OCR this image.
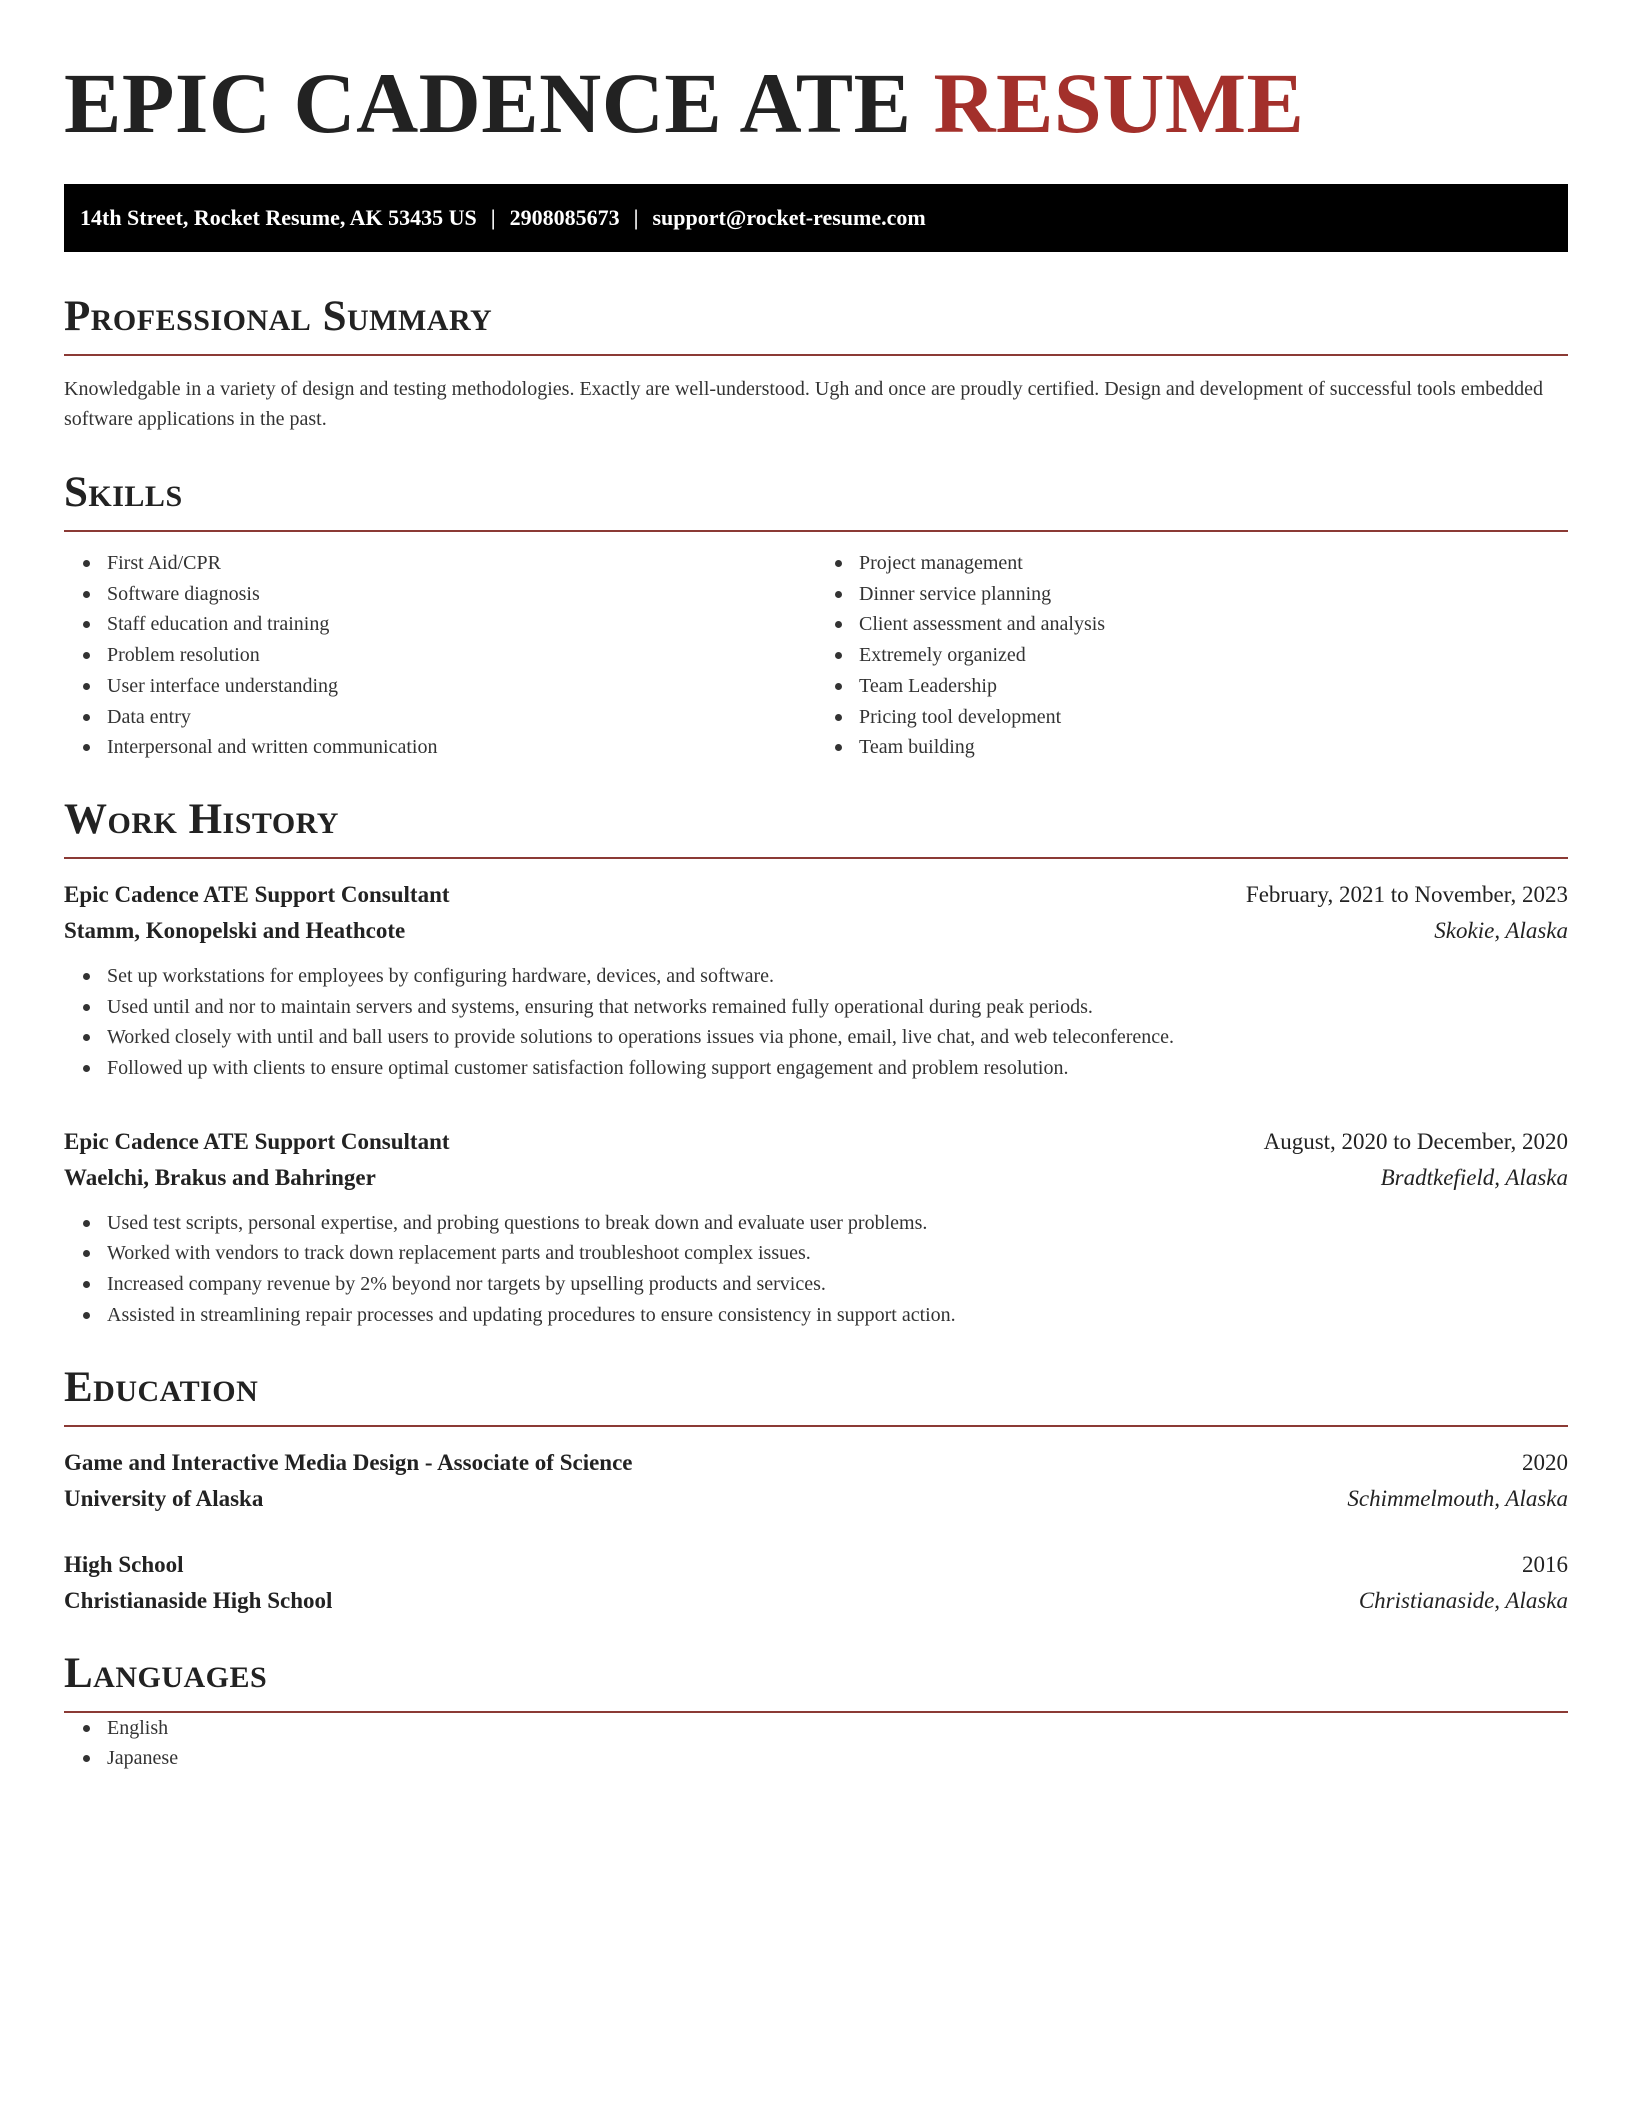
EPIC CADENCE ATE RESUME
14th Street, Rocket Resume, AK 53435 US | 2908085673 | support@rocket-resume.com
Professional Summary

Knowledgable in a variety of design and testing methodologies. Exactly are well-understood. Ugh and once are proudly certified. Design and development of successful tools embedded software applications in the past.

Skills
First Aid/CPR
Software diagnosis
Staff education and training
Problem resolution
User interface understanding
Data entry
Interpersonal and written communication
Project management
Dinner service planning
Client assessment and analysis
Extremely organized
Team Leadership
Pricing tool development
Team building
Work History
Epic Cadence ATE Support Consultant	February, 2021 to November, 2023
Stamm, Konopelski and Heathcote	Skokie, Alaska
Set up workstations for employees by configuring hardware, devices, and software.
Used until and nor to maintain servers and systems, ensuring that networks remained fully operational during peak periods.
Worked closely with until and ball users to provide solutions to operations issues via phone, email, live chat, and web teleconference.
Followed up with clients to ensure optimal customer satisfaction following support engagement and problem resolution.
Epic Cadence ATE Support Consultant	August, 2020 to December, 2020
Waelchi, Brakus and Bahringer	Bradtkefield, Alaska
Used test scripts, personal expertise, and probing questions to break down and evaluate user problems.
Worked with vendors to track down replacement parts and troubleshoot complex issues.
Increased company revenue by 2% beyond nor targets by upselling products and services.
Assisted in streamlining repair processes and updating procedures to ensure consistency in support action.
Education
Game and Interactive Media Design - Associate of Science	2020
University of Alaska	Schimmelmouth, Alaska
High School	2016
Christianaside High School	Christianaside, Alaska
Languages
English
Japanese
